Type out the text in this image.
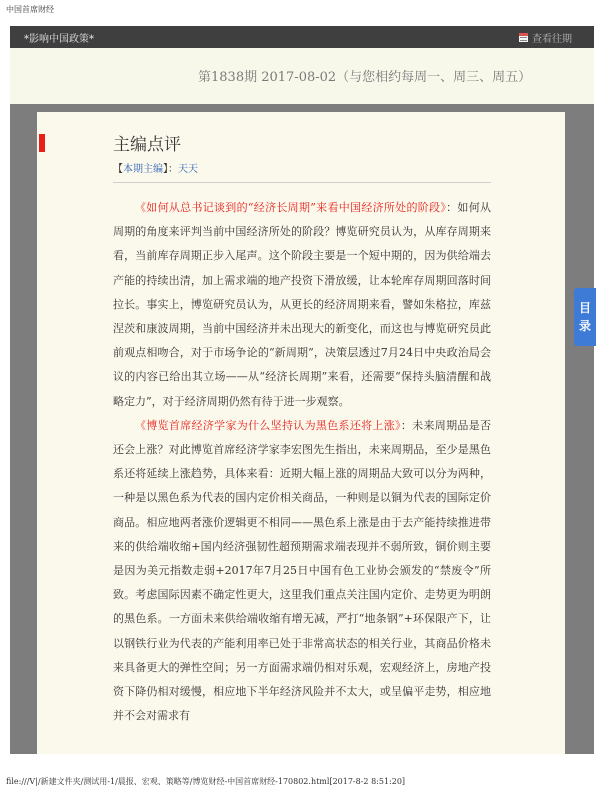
中国首席财经
*影响中国政策*	查看往期
第1838期 2017-08-02（与您相约每周一、周三、周五）
主编点评
【本期主编】：天天

《如何从总书记谈到的“经济长周期”来看中国经济所处的阶段》：如何从周期的角度来评判当前中国经济所处的阶段？博览研究员认为，从库存周期来看，当前库存周期正步入尾声。这个阶段主要是一个短中期的，因为供给端去产能的持续出清，加上需求端的地产投资下滑放缓，让本轮库存周期回落时间拉长。事实上，博览研究员认为，从更长的经济周期来看，譬如朱格拉，库兹涅茨和康波周期，当前中国经济并未出现大的新变化，而这也与博览研究员此前观点相吻合，对于市场争论的“新周期”，决策层透过7月24日中央政治局会议的内容已给出其立场——从“经济长周期”来看，还需要“保持头脑清醒和战略定力”，对于经济周期仍然有待于进一步观察。

《博览首席经济学家为什么坚持认为黑色系还将上涨》：未来周期品是否还会上涨？对此博览首席经济学家李宏图先生指出，未来周期品，至少是黑色系还将延续上涨趋势，具体来看：近期大幅上涨的周期品大致可以分为两种，一种是以黑色系为代表的国内定价相关商品，一种则是以铜为代表的国际定价商品。相应地两者涨价逻辑更不相同——黑色系上涨是由于去产能持续推进带来的供给端收缩+国内经济强韧性超预期需求端表现并不弱所致，铜价则主要是因为美元指数走弱+2017年7月25日中国有色工业协会颁发的“禁废令”所致。考虑国际因素不确定性更大，这里我们重点关注国内定价、走势更为明朗的黑色系。一方面未来供给端收缩有增无减，严打“地条钢”+环保限产下，让以钢铁行业为代表的产能利用率已处于非常高状态的相关行业，其商品价格未来具备更大的弹性空间；另一方面需求端仍相对乐观，宏观经济上，房地产投资下降仍相对缓慢，相应地下半年经济风险并不太大，或呈偏平走势，相应地并不会对需求有

目
录
file:///V|/新建文件夹/测试用-1/晨报、宏观、策略等/博览财经-中国首席财经-170802.html[2017-8-2 8:51:20]
